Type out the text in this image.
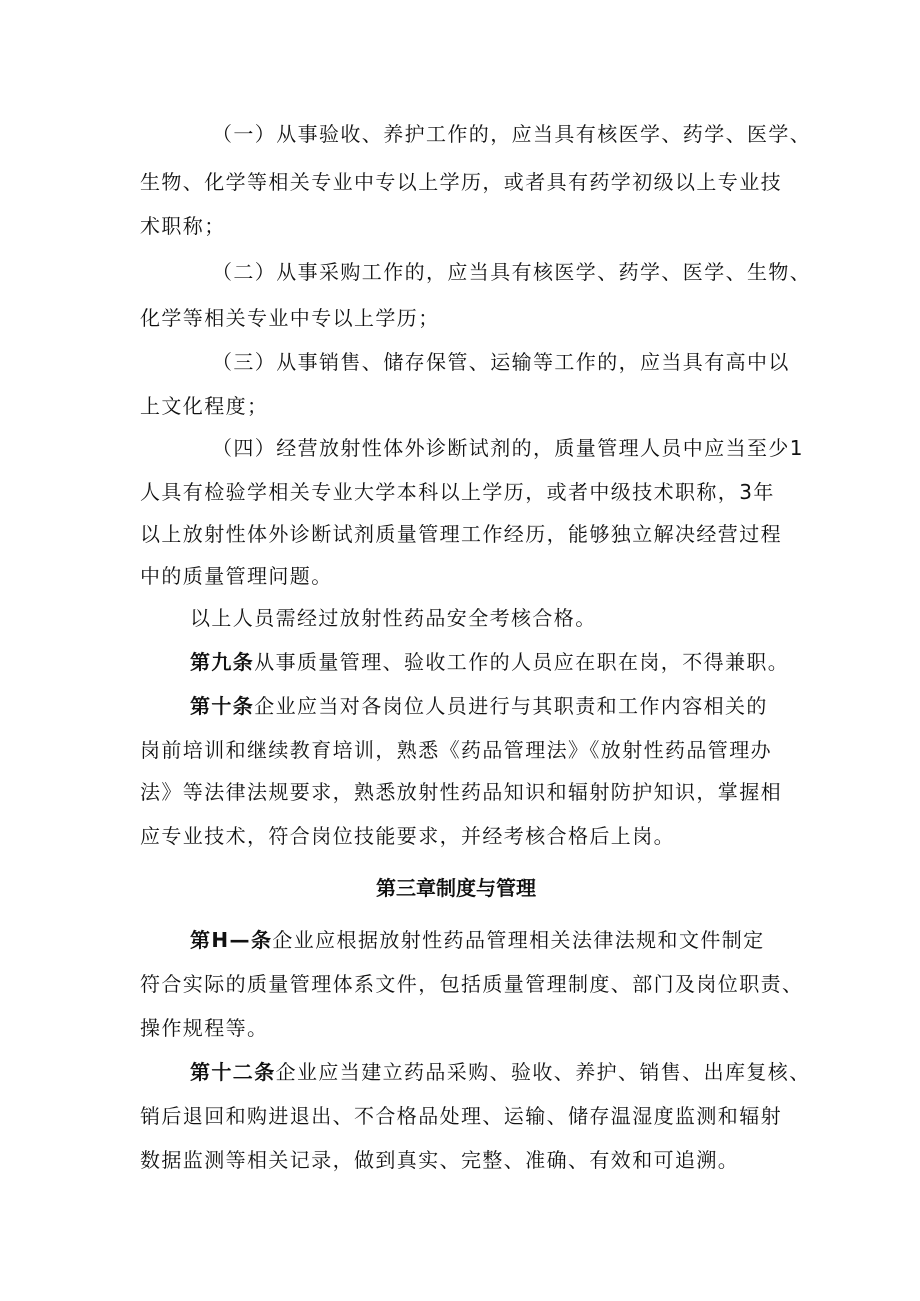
（一）从事验收、养护工作的，应当具有核医学、药学、医学、
生物、化学等相关专业中专以上学历，或者具有药学初级以上专业技
术职称；
（二）从事采购工作的，应当具有核医学、药学、医学、生物、
化学等相关专业中专以上学历；
（三）从事销售、储存保管、运输等工作的，应当具有高中以
上文化程度；
（四）经营放射性体外诊断试剂的，质量管理人员中应当至少1
人具有检验学相关专业大学本科以上学历，或者中级技术职称，3年
以上放射性体外诊断试剂质量管理工作经历，能够独立解决经营过程
中的质量管理问题。
以上人员需经过放射性药品安全考核合格。
第九条从事质量管理、验收工作的人员应在职在岗，不得兼职。
第十条企业应当对各岗位人员进行与其职责和工作内容相关的
岗前培训和继续教育培训，熟悉《药品管理法》《放射性药品管理办
法》等法律法规要求，熟悉放射性药品知识和辐射防护知识，掌握相
应专业技术，符合岗位技能要求，并经考核合格后上岗。
第三章制度与管理
第H—条企业应根据放射性药品管理相关法律法规和文件制定
符合实际的质量管理体系文件，包括质量管理制度、部门及岗位职责、
操作规程等。
第十二条企业应当建立药品采购、验收、养护、销售、出库复核、
销后退回和购进退出、不合格品处理、运输、储存温湿度监测和辐射
数据监测等相关记录，做到真实、完整、准确、有效和可追溯。
